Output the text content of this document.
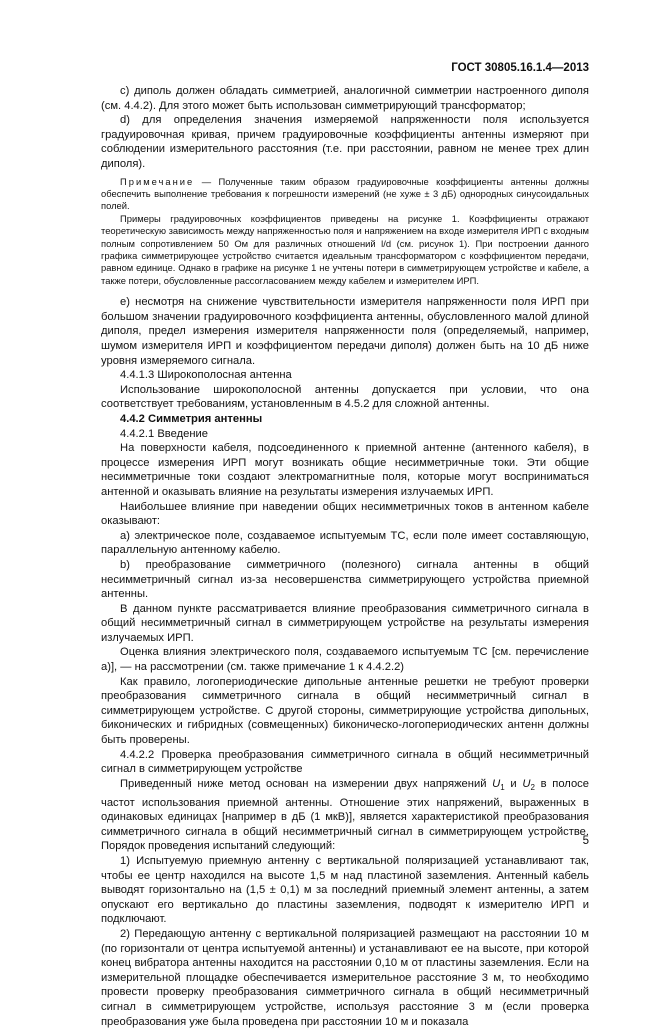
ГОСТ 30805.16.1.4—2013

с) диполь должен обладать симметрией, аналогичной симметрии настроенного диполя (см. 4.4.2). Для этого может быть использован симметрирующий трансформатор;

d) для определения значения измеряемой напряженности поля используется градуировочная кривая, причем градуировочные коэффициенты антенны измеряют при соблюдении измерительного расстояния (т.е. при расстоянии, равном не менее трех длин диполя).

Примечание — Полученные таким образом градуировочные коэффициенты антенны должны обеспечить выполнение требования к погрешности измерений (не хуже ± 3 дБ) однородных синусоидальных полей.

Примеры градуировочных коэффициентов приведены на рисунке 1. Коэффициенты отражают теоретическую зависимость между напряженностью поля и напряжением на входе измерителя ИРП с входным полным сопротивлением 50 Ом для различных отношений l/d (см. рисунок 1). При построении данного графика симметрирующее устройство считается идеальным трансформатором с коэффициентом передачи, равном единице. Однако в графике на рисунке 1 не учтены потери в симметрирующем устройстве и кабеле, а также потери, обусловленные рассогласованием между кабелем и измерителем ИРП.

е) несмотря на снижение чувствительности измерителя напряженности поля ИРП при большом значении градуировочного коэффициента антенны, обусловленного малой длиной диполя, предел измерения измерителя напряженности поля (определяемый, например, шумом измерителя ИРП и коэффициентом передачи диполя) должен быть на 10 дБ ниже уровня измеряемого сигнала.

4.4.1.3 Широкополосная антенна

Использование широкополосной антенны допускается при условии, что она соответствует требованиям, установленным в 4.5.2 для сложной антенны.

4.4.2 Симметрия антенны

4.4.2.1 Введение

На поверхности кабеля, подсоединенного к приемной антенне (антенного кабеля), в процессе измерения ИРП могут возникать общие несимметричные токи. Эти общие несимметричные токи создают электромагнитные поля, которые могут восприниматься антенной и оказывать влияние на результаты измерения излучаемых ИРП.

Наибольшее влияние при наведении общих несимметричных токов в антенном кабеле оказывают:

а) электрическое поле, создаваемое испытуемым ТС, если поле имеет составляющую, параллельную антенному кабелю.

b) преобразование симметричного (полезного) сигнала антенны в общий несимметричный сигнал из-за несовершенства симметрирующего устройства приемной антенны.

В данном пункте рассматривается влияние преобразования симметричного сигнала в общий несимметричный сигнал в симметрирующем устройстве на результаты измерения излучаемых ИРП.

Оценка влияния электрического поля, создаваемого испытуемым ТС [см. перечисление а)], — на рассмотрении (см. также примечание 1 к 4.4.2.2)

Как правило, логопериодические дипольные антенные решетки не требуют проверки преобразования симметричного сигнала в общий несимметричный сигнал в симметрирующем устройстве. С другой стороны, симметрирующие устройства дипольных, биконических и гибридных (совмещенных) биконическо-логопериодических антенн должны быть проверены.

4.4.2.2 Проверка преобразования симметричного сигнала в общий несимметричный сигнал в симметрирующем устройстве

Приведенный ниже метод основан на измерении двух напряжений $U_1$ и $U_2$ в полосе частот использования приемной антенны. Отношение этих напряжений, выраженных в одинаковых единицах [например в дБ (1 мкВ)], является характеристикой преобразования симметричного сигнала в общий несимметричный сигнал в симметрирующем устройстве. Порядок проведения испытаний следующий:

1) Испытуемую приемную антенну с вертикальной поляризацией устанавливают так, чтобы ее центр находился на высоте 1,5 м над пластиной заземления. Антенный кабель выводят горизонтально на (1,5 ± 0,1) м за последний приемный элемент антенны, а затем опускают его вертикально до пластины заземления, подводят к измерителю ИРП и подключают.

2) Передающую антенну с вертикальной поляризацией размещают на расстоянии 10 м (по горизонтали от центра испытуемой антенны) и устанавливают ее на высоте, при которой конец вибратора антенны находится на расстоянии 0,10 м от пластины заземления. Если на измерительной площадке обеспечивается измерительное расстояние 3 м, то необходимо провести проверку преобразования симметричного сигнала в общий несимметричный сигнал в симметрирующем устройстве, используя расстояние 3 м (если проверка преобразования уже была проведена при расстоянии 10 м и показала

5
